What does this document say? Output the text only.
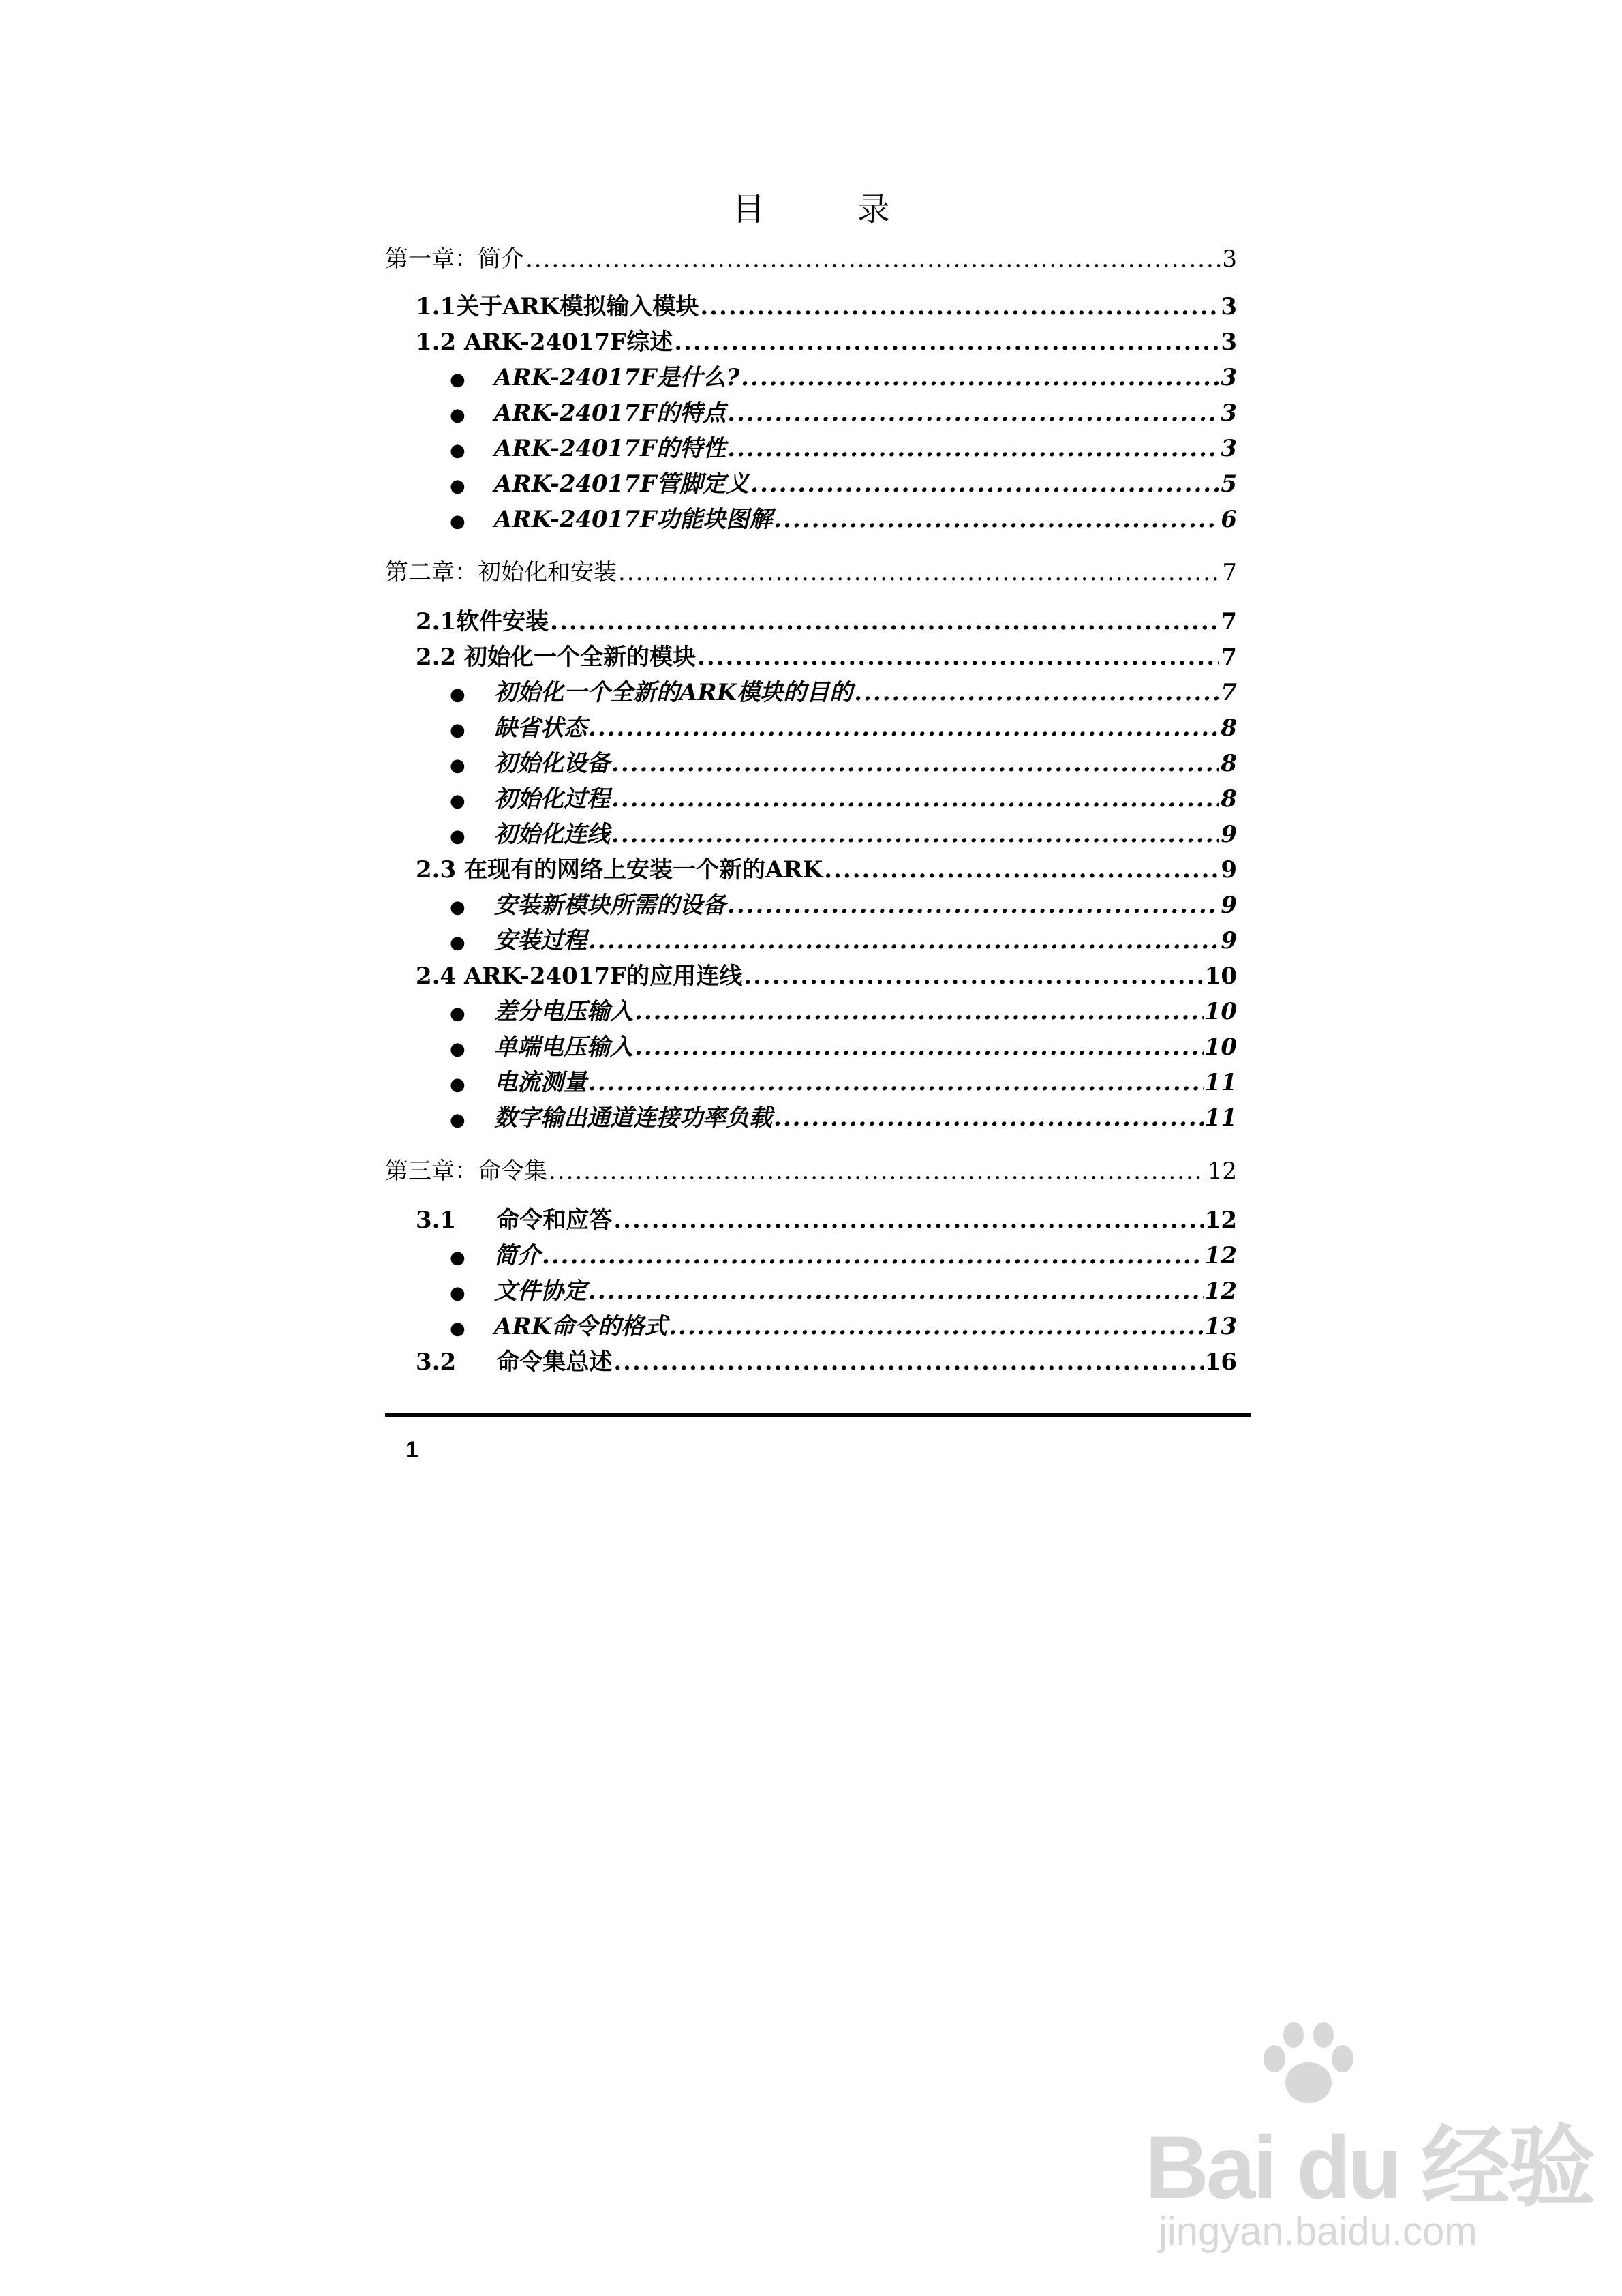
目 录
第一章：简介 .....	3
1.1关于ARK模拟输入模块 .....	3
1.2 ARK-24017F综述 .....	3
●	ARK-24017F是什么? .....	3
●	ARK-24017F的特点 .....	3
●	ARK-24017F的特性 .....	3
●	ARK-24017F管脚定义 .....	5
●	ARK-24017F功能块图解 .....	6
第二章：初始化和安装 .....	7
2.1软件安装 .....	7
2.2 初始化一个全新的模块 .....	7
●	初始化一个全新的ARK模块的目的 .....	7
●	缺省状态 .....	8
●	初始化设备 .....	8
●	初始化过程 .....	8
●	初始化连线 .....	9
2.3 在现有的网络上安装一个新的ARK .....	9
●	安装新模块所需的设备 .....	9
●	安装过程 .....	9
2.4 ARK-24017F的应用连线 .....	10
●	差分电压输入 .....	10
●	单端电压输入 .....	10
●	电流测量 .....	11
●	数字输出通道连接功率负载 .....	11
第三章：命令集 .....	12
3.1     命令和应答 .....	12
●	简介 .....	12
●	文件协定 .....	12
●	ARK命令的格式 .....	13
3.2     命令集总述 .....	16
1
Bai du 经验
jingyan.baidu.com
